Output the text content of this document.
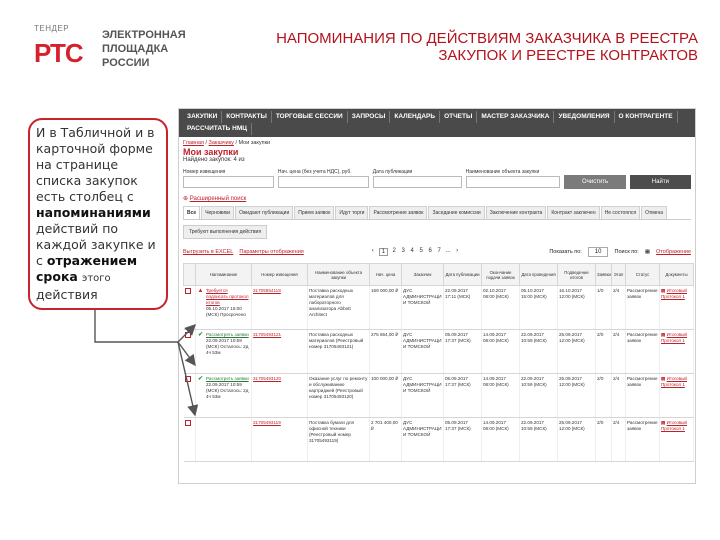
ТЕНДЕР
РТС
ЭЛЕКТРОННАЯ
ПЛОЩАДКА
РОССИИ
НАПОМИНАНИЯ ПО ДЕЙСТВИЯМ ЗАКАЗЧИКА В РЕЕСТРА ЗАКУПОК И РЕЕСТРЕ КОНТРАКТОВ
И в Табличной и в карточной форме на странице списка закупок есть столбец с напоминаниями действий по каждой закупке и с отражением срока этого действия
ЗАКУПКИ	КОНТРАКТЫ	ТОРГОВЫЕ СЕССИИ	ЗАПРОСЫ	КАЛЕНДАРЬ	ОТЧЕТЫ	МАСТЕР ЗАКАЗЧИКА	УВЕДОМЛЕНИЯ	О КОНТРАГЕНТЕ
РАССЧИТАТЬ НМЦ
Главная / Заказчику / Мои закупки
Мои закупки
Найдено закупок: 4 из
Номер извещения	Нач. цена (без учета НДС), руб.	Дата публикации	Наименование объекта закупки
Очистить	Найти
⊕ Расширенный поиск
Все	Черновики	Ожидают публикации	Прием заявок	Идут торги	Рассмотрение заявок	Заседание комиссии	Заключение контракта	Контракт заключен	Не состоялся	Отмена
Требуют выполнения действия
Выгрузить в EXCEL Параметры отображения	‹	1	2 3 4 5 6 7 ... ›	Показать по:	10	Поиск по: ▦ Отображение
	Напоминание	Номер извещения	Наименование объекта закупки	Нач. цена	Заказчик	Дата публикации	Окончание подачи заявок	Дата проведения	Подведение итогов	Заявки	Этап	Статус	Документы

	▲ Требуется подписать протокол итогов
05.10.2017 15:00 (МСК) Просрочено	31705554118	Поставка расходных материалов для лабораторного анализатора Abbott Architect	169 000,00 ₽	ДУС АДМИНИСТРАЦИИ ТОМСКОЙ	22.09.2017 17:11 (МСК)	02.10.2017 08:00 (МСК)	05.10.2017 15:00 (МСК)	16.10.2017 12:00 (МСК)	1/0	2/4	Рассмотрение заявок	▤ Итоговый Протокол 1

	✔ Рассмотреть заявки
22.09.2017 10:59 (МСК) Осталось: 2д 4ч 53м	31705493121	Поставка расходных материалов (Реестровый номер 31705493121)	275 664,00 ₽	ДУС АДМИНИСТРАЦИИ ТОМСКОЙ	05.09.2017 17:37 (МСК)	14.09.2017 08:00 (МСК)	22.09.2017 10:59 (МСК)	25.09.2017 12:00 (МСК)	2/0	2/4	Рассмотрение заявок	▤ Итоговый Протокол 1

	✔ Рассмотреть заявки
22.09.2017 10:59 (МСК) Осталось: 2д 4ч 53м	31705493120	Оказание услуг по ремонту и обслуживанию картриджей (Реестровый номер 31705493120)	100 000,00 ₽	ДУС АДМИНИСТРАЦИИ ТОМСКОЙ	05.09.2017 17:37 (МСК)	14.09.2017 08:00 (МСК)	22.09.2017 10:59 (МСК)	25.09.2017 12:00 (МСК)	2/0	2/4	Рассмотрение заявок	▤ Итоговый Протокол 1

	31705493119	Поставка бумаги для офисной техники (Реестровый номер 31705493119)	2 701 400,00 ₽	ДУС АДМИНИСТРАЦИИ ТОМСКОЙ	05.09.2017 17:37 (МСК)	14.09.2017 08:00 (МСК)	22.09.2017 10:59 (МСК)	25.09.2017 12:00 (МСК)	2/0	2/4	Рассмотрение заявок	▤ Итоговый Протокол 1
